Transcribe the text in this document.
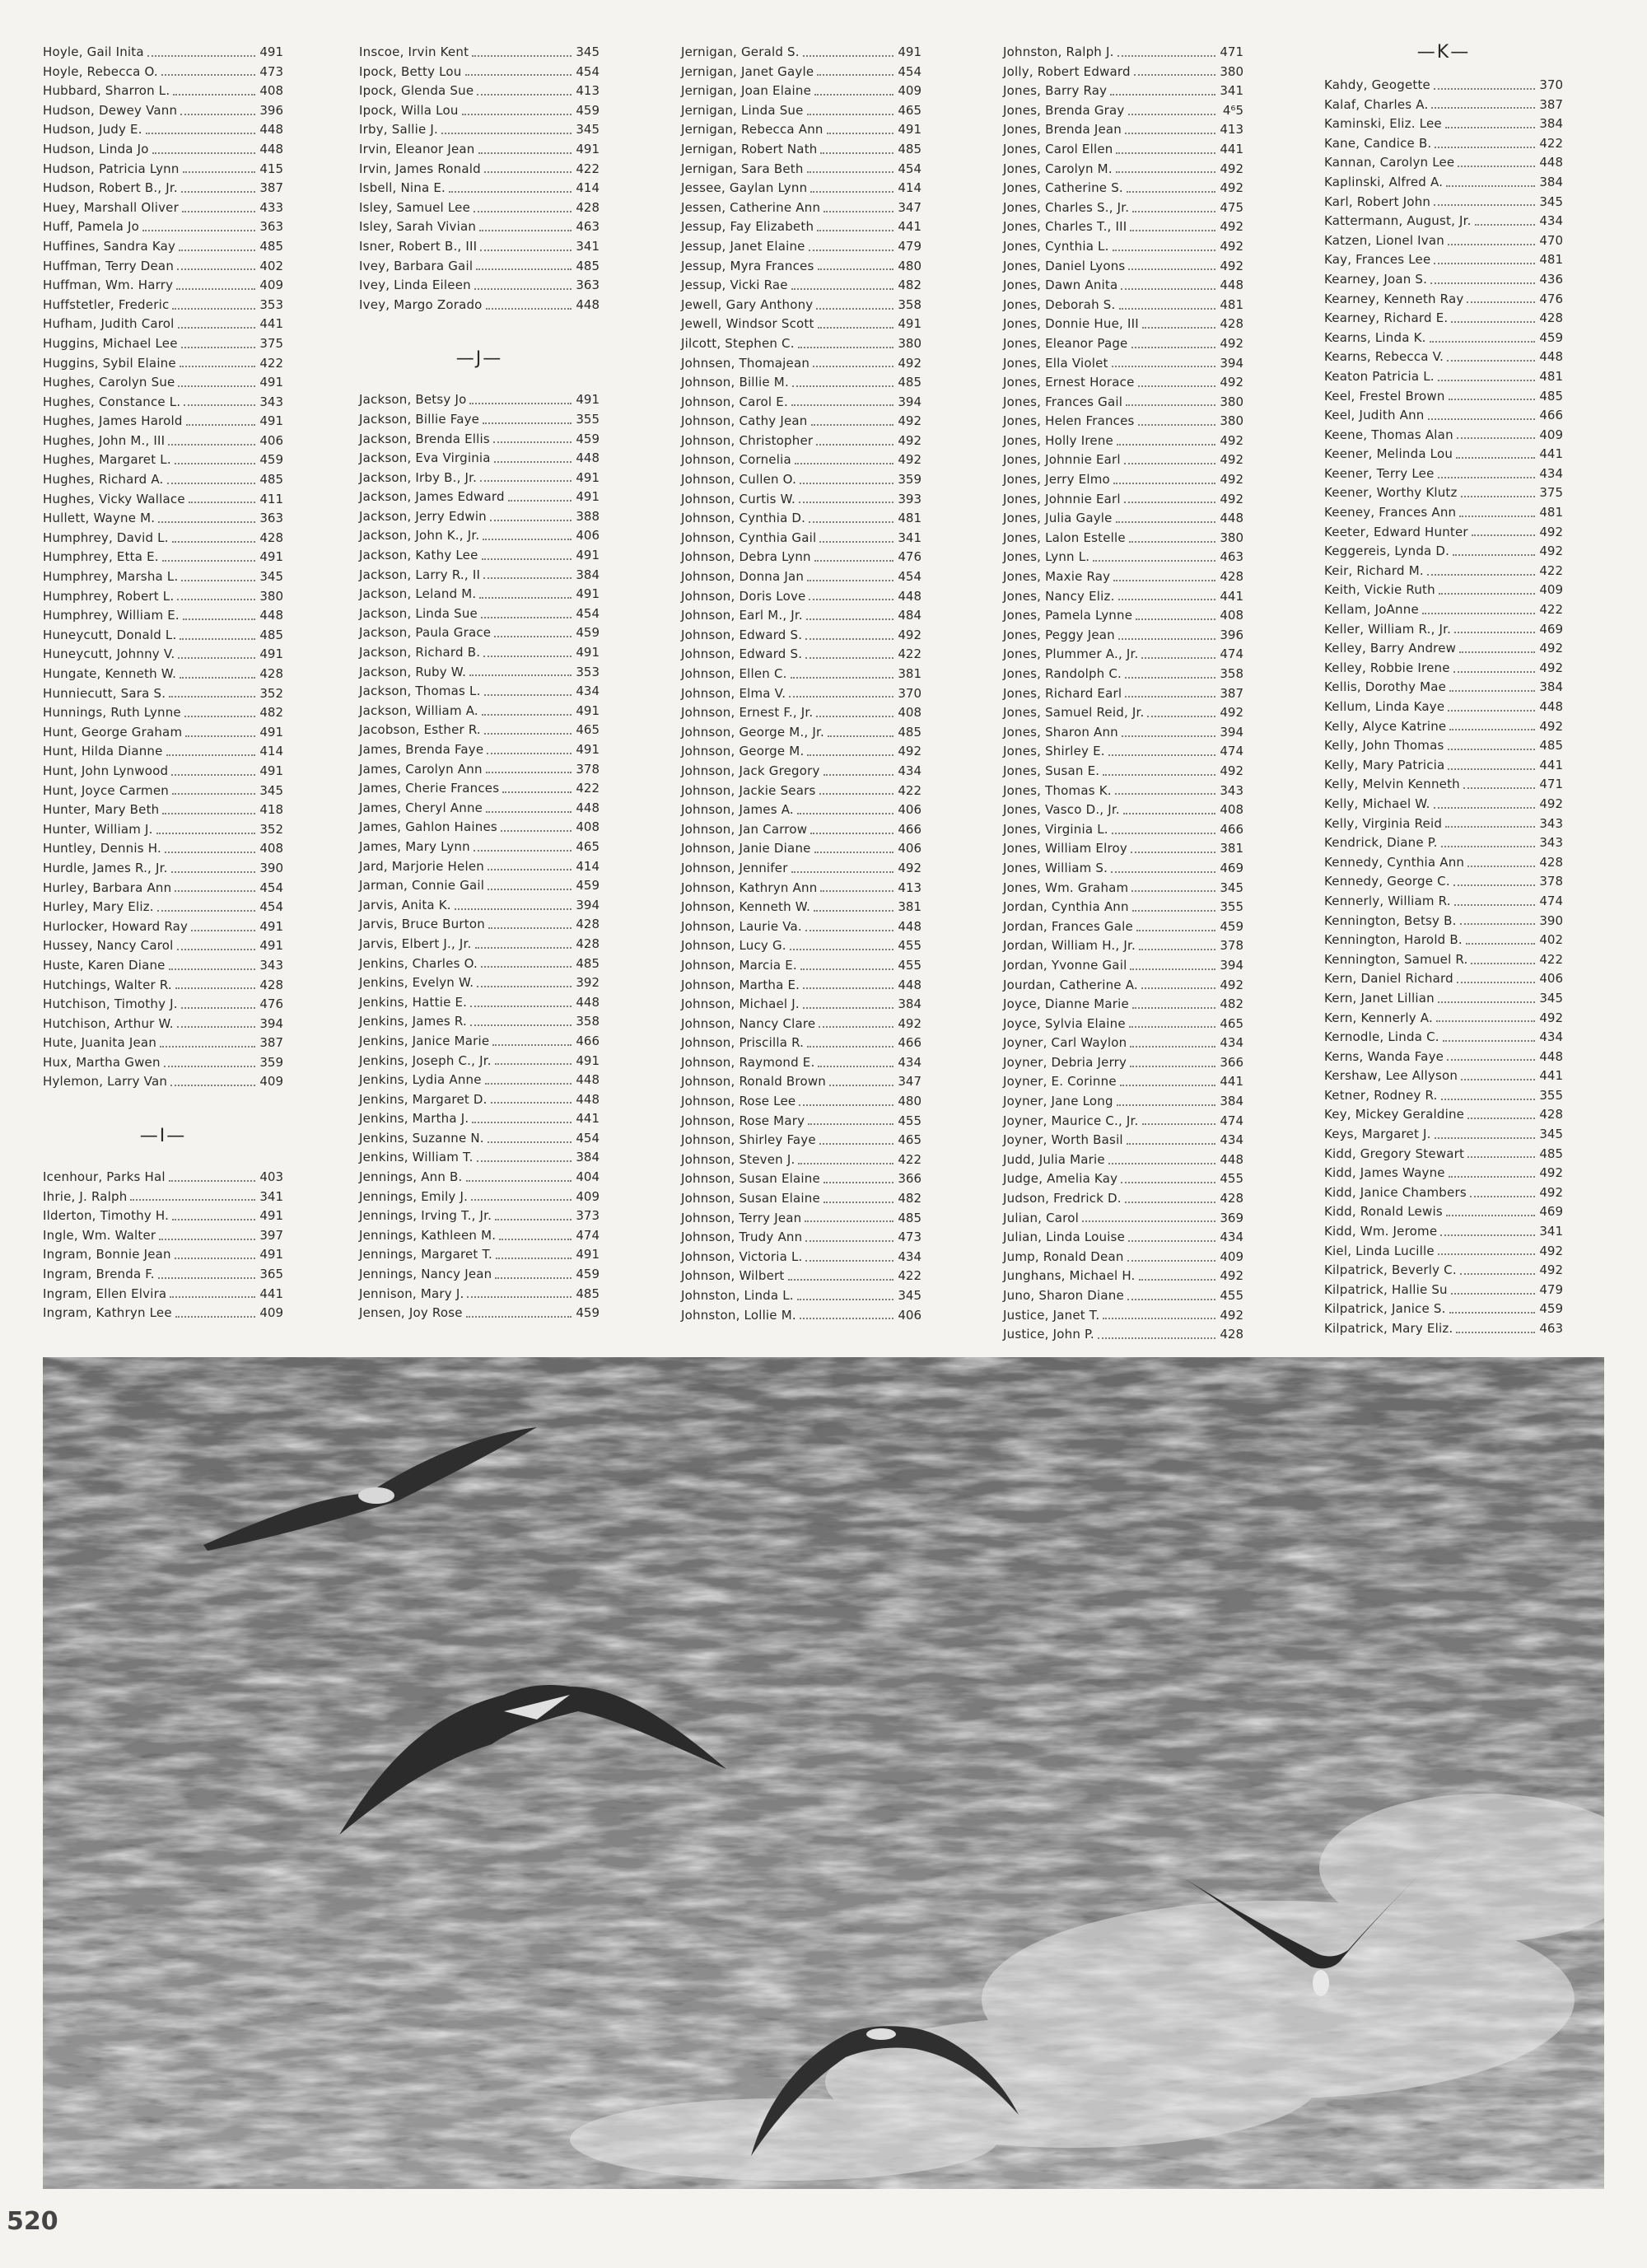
Hoyle, Gail Inita	491
Hoyle, Rebecca O.	473
Hubbard, Sharron L.	408
Hudson, Dewey Vann	396
Hudson, Judy E.	448
Hudson, Linda Jo	448
Hudson, Patricia Lynn	415
Hudson, Robert B., Jr.	387
Huey, Marshall Oliver	433
Huff, Pamela Jo	363
Huffines, Sandra Kay	485
Huffman, Terry Dean	402
Huffman, Wm. Harry	409
Huffstetler, Frederic	353
Hufham, Judith Carol	441
Huggins, Michael Lee	375
Huggins, Sybil Elaine	422
Hughes, Carolyn Sue	491
Hughes, Constance L.	343
Hughes, James Harold	491
Hughes, John M., III	406
Hughes, Margaret L.	459
Hughes, Richard A.	485
Hughes, Vicky Wallace	411
Hullett, Wayne M.	363
Humphrey, David L.	428
Humphrey, Etta E.	491
Humphrey, Marsha L.	345
Humphrey, Robert L.	380
Humphrey, William E.	448
Huneycutt, Donald L.	485
Huneycutt, Johnny V.	491
Hungate, Kenneth W.	428
Hunniecutt, Sara S.	352
Hunnings, Ruth Lynne	482
Hunt, George Graham	491
Hunt, Hilda Dianne	414
Hunt, John Lynwood	491
Hunt, Joyce Carmen	345
Hunter, Mary Beth	418
Hunter, William J.	352
Huntley, Dennis H.	408
Hurdle, James R., Jr.	390
Hurley, Barbara Ann	454
Hurley, Mary Eliz.	454
Hurlocker, Howard Ray	491
Hussey, Nancy Carol	491
Huste, Karen Diane	343
Hutchings, Walter R.	428
Hutchison, Timothy J.	476
Hutchison, Arthur W.	394
Hute, Juanita Jean	387
Hux, Martha Gwen	359
Hylemon, Larry Van	409
—I—
Icenhour, Parks Hal	403
Ihrie, J. Ralph	341
Ilderton, Timothy H.	491
Ingle, Wm. Walter	397
Ingram, Bonnie Jean	491
Ingram, Brenda F.	365
Ingram, Ellen Elvira	441
Ingram, Kathryn Lee	409
Inscoe, Irvin Kent	345
Ipock, Betty Lou	454
Ipock, Glenda Sue	413
Ipock, Willa Lou	459
Irby, Sallie J.	345
Irvin, Eleanor Jean	491
Irvin, James Ronald	422
Isbell, Nina E.	414
Isley, Samuel Lee	428
Isley, Sarah Vivian	463
Isner, Robert B., III	341
Ivey, Barbara Gail	485
Ivey, Linda Eileen	363
Ivey, Margo Zorado	448
—J—
Jackson, Betsy Jo	491
Jackson, Billie Faye	355
Jackson, Brenda Ellis	459
Jackson, Eva Virginia	448
Jackson, Irby B., Jr.	491
Jackson, James Edward	491
Jackson, Jerry Edwin	388
Jackson, John K., Jr.	406
Jackson, Kathy Lee	491
Jackson, Larry R., II	384
Jackson, Leland M.	491
Jackson, Linda Sue	454
Jackson, Paula Grace	459
Jackson, Richard B.	491
Jackson, Ruby W.	353
Jackson, Thomas L.	434
Jackson, William A.	491
Jacobson, Esther R.	465
James, Brenda Faye	491
James, Carolyn Ann	378
James, Cherie Frances	422
James, Cheryl Anne	448
James, Gahlon Haines	408
James, Mary Lynn	465
Jard, Marjorie Helen	414
Jarman, Connie Gail	459
Jarvis, Anita K.	394
Jarvis, Bruce Burton	428
Jarvis, Elbert J., Jr.	428
Jenkins, Charles O.	485
Jenkins, Evelyn W.	392
Jenkins, Hattie E.	448
Jenkins, James R.	358
Jenkins, Janice Marie	466
Jenkins, Joseph C., Jr.	491
Jenkins, Lydia Anne	448
Jenkins, Margaret D.	448
Jenkins, Martha J.	441
Jenkins, Suzanne N.	454
Jenkins, William T.	384
Jennings, Ann B.	404
Jennings, Emily J.	409
Jennings, Irving T., Jr.	373
Jennings, Kathleen M.	474
Jennings, Margaret T.	491
Jennings, Nancy Jean	459
Jennison, Mary J.	485
Jensen, Joy Rose	459
Jernigan, Gerald S.	491
Jernigan, Janet Gayle	454
Jernigan, Joan Elaine	409
Jernigan, Linda Sue	465
Jernigan, Rebecca Ann	491
Jernigan, Robert Nath	485
Jernigan, Sara Beth	454
Jessee, Gaylan Lynn	414
Jessen, Catherine Ann	347
Jessup, Fay Elizabeth	441
Jessup, Janet Elaine	479
Jessup, Myra Frances	480
Jessup, Vicki Rae	482
Jewell, Gary Anthony	358
Jewell, Windsor Scott	491
Jilcott, Stephen C.	380
Johnsen, Thomajean	492
Johnson, Billie M.	485
Johnson, Carol E.	394
Johnson, Cathy Jean	492
Johnson, Christopher	492
Johnson, Cornelia	492
Johnson, Cullen O.	359
Johnson, Curtis W.	393
Johnson, Cynthia D.	481
Johnson, Cynthia Gail	341
Johnson, Debra Lynn	476
Johnson, Donna Jan	454
Johnson, Doris Love	448
Johnson, Earl M., Jr.	484
Johnson, Edward S.	492
Johnson, Edward S.	422
Johnson, Ellen C.	381
Johnson, Elma V.	370
Johnson, Ernest F., Jr.	408
Johnson, George M., Jr.	485
Johnson, George M.	492
Johnson, Jack Gregory	434
Johnson, Jackie Sears	422
Johnson, James A.	406
Johnson, Jan Carrow	466
Johnson, Janie Diane	406
Johnson, Jennifer	492
Johnson, Kathryn Ann	413
Johnson, Kenneth W.	381
Johnson, Laurie Va.	448
Johnson, Lucy G.	455
Johnson, Marcia E.	455
Johnson, Martha E.	448
Johnson, Michael J.	384
Johnson, Nancy Clare	492
Johnson, Priscilla R.	466
Johnson, Raymond E.	434
Johnson, Ronald Brown	347
Johnson, Rose Lee	480
Johnson, Rose Mary	455
Johnson, Shirley Faye	465
Johnson, Steven J.	422
Johnson, Susan Elaine	366
Johnson, Susan Elaine	482
Johnson, Terry Jean	485
Johnson, Trudy Ann	473
Johnson, Victoria L.	434
Johnson, Wilbert	422
Johnston, Linda L.	345
Johnston, Lollie M.	406
Johnston, Ralph J.	471
Jolly, Robert Edward	380
Jones, Barry Ray	341
Jones, Brenda Gray	4⁶5
Jones, Brenda Jean	413
Jones, Carol Ellen	441
Jones, Carolyn M.	492
Jones, Catherine S.	492
Jones, Charles S., Jr.	475
Jones, Charles T., III	492
Jones, Cynthia L.	492
Jones, Daniel Lyons	492
Jones, Dawn Anita	448
Jones, Deborah S.	481
Jones, Donnie Hue, III	428
Jones, Eleanor Page	492
Jones, Ella Violet	394
Jones, Ernest Horace	492
Jones, Frances Gail	380
Jones, Helen Frances	380
Jones, Holly Irene	492
Jones, Johnnie Earl	492
Jones, Jerry Elmo	492
Jones, Johnnie Earl	492
Jones, Julia Gayle	448
Jones, Lalon Estelle	380
Jones, Lynn L.	463
Jones, Maxie Ray	428
Jones, Nancy Eliz.	441
Jones, Pamela Lynne	408
Jones, Peggy Jean	396
Jones, Plummer A., Jr.	474
Jones, Randolph C.	358
Jones, Richard Earl	387
Jones, Samuel Reid, Jr.	492
Jones, Sharon Ann	394
Jones, Shirley E.	474
Jones, Susan E.	492
Jones, Thomas K.	343
Jones, Vasco D., Jr.	408
Jones, Virginia L.	466
Jones, William Elroy	381
Jones, William S.	469
Jones, Wm. Graham	345
Jordan, Cynthia Ann	355
Jordan, Frances Gale	459
Jordan, William H., Jr.	378
Jordan, Yvonne Gail	394
Jourdan, Catherine A.	492
Joyce, Dianne Marie	482
Joyce, Sylvia Elaine	465
Joyner, Carl Waylon	434
Joyner, Debria Jerry	366
Joyner, E. Corinne	441
Joyner, Jane Long	384
Joyner, Maurice C., Jr.	474
Joyner, Worth Basil	434
Judd, Julia Marie	448
Judge, Amelia Kay	455
Judson, Fredrick D.	428
Julian, Carol	369
Julian, Linda Louise	434
Jump, Ronald Dean	409
Junghans, Michael H.	492
Juno, Sharon Diane	455
Justice, Janet T.	492
Justice, John P.	428
—K—
Kahdy, Geogette	370
Kalaf, Charles A.	387
Kaminski, Eliz. Lee	384
Kane, Candice B.	422
Kannan, Carolyn Lee	448
Kaplinski, Alfred A.	384
Karl, Robert John	345
Kattermann, August, Jr.	434
Katzen, Lionel Ivan	470
Kay, Frances Lee	481
Kearney, Joan S.	436
Kearney, Kenneth Ray	476
Kearney, Richard E.	428
Kearns, Linda K.	459
Kearns, Rebecca V.	448
Keaton Patricia L.	481
Keel, Frestel Brown	485
Keel, Judith Ann	466
Keene, Thomas Alan	409
Keener, Melinda Lou	441
Keener, Terry Lee	434
Keener, Worthy Klutz	375
Keeney, Frances Ann	481
Keeter, Edward Hunter	492
Keggereis, Lynda D.	492
Keir, Richard M.	422
Keith, Vickie Ruth	409
Kellam, JoAnne	422
Keller, William R., Jr.	469
Kelley, Barry Andrew	492
Kelley, Robbie Irene	492
Kellis, Dorothy Mae	384
Kellum, Linda Kaye	448
Kelly, Alyce Katrine	492
Kelly, John Thomas	485
Kelly, Mary Patricia	441
Kelly, Melvin Kenneth	471
Kelly, Michael W.	492
Kelly, Virginia Reid	343
Kendrick, Diane P.	343
Kennedy, Cynthia Ann	428
Kennedy, George C.	378
Kennerly, William R.	474
Kennington, Betsy B.	390
Kennington, Harold B.	402
Kennington, Samuel R.	422
Kern, Daniel Richard	406
Kern, Janet Lillian	345
Kern, Kennerly A.	492
Kernodle, Linda C.	434
Kerns, Wanda Faye	448
Kershaw, Lee Allyson	441
Ketner, Rodney R.	355
Key, Mickey Geraldine	428
Keys, Margaret J.	345
Kidd, Gregory Stewart	485
Kidd, James Wayne	492
Kidd, Janice Chambers	492
Kidd, Ronald Lewis	469
Kidd, Wm. Jerome	341
Kiel, Linda Lucille	492
Kilpatrick, Beverly C.	492
Kilpatrick, Hallie Su	479
Kilpatrick, Janice S.	459
Kilpatrick, Mary Eliz.	463
520
